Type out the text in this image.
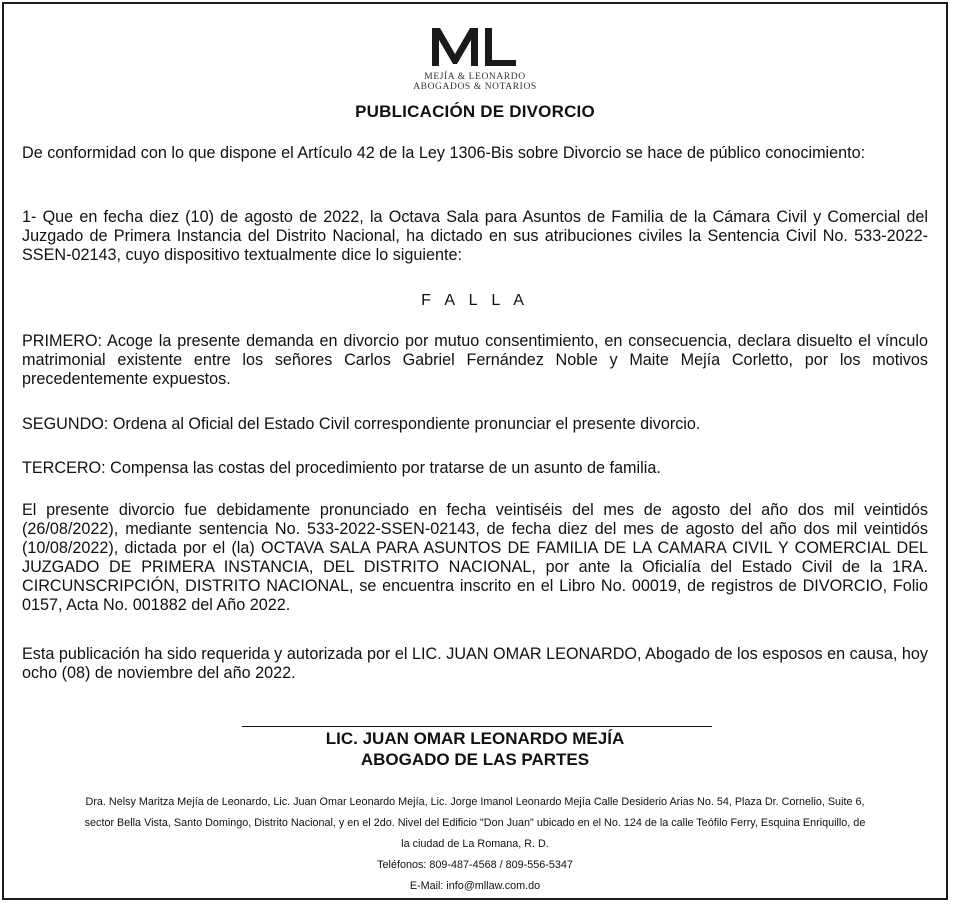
MEJÍA & LEONARDO
ABOGADOS & NOTARIOS
PUBLICACIÓN DE DIVORCIO

De conformidad con lo que dispone el Artículo 42 de la Ley 1306-Bis sobre Divorcio se hace de público conocimiento:

1- Que en fecha diez (10) de agosto de 2022, la Octava Sala para Asuntos de Familia de la Cámara Civil y Comercial del Juzgado de Primera Instancia del Distrito Nacional, ha dictado en sus atribuciones civiles la Sentencia Civil No. 533-2022-SSEN-02143, cuyo dispositivo textualmente dice lo siguiente:

F A L L A

PRIMERO: Acoge la presente demanda en divorcio por mutuo consentimiento, en consecuencia, declara disuelto el vínculo matrimonial existente entre los señores Carlos Gabriel Fernández Noble y Maite Mejía Corletto, por los motivos precedentemente expuestos.

SEGUNDO: Ordena al Oficial del Estado Civil correspondiente pronunciar el presente divorcio.

TERCERO: Compensa las costas del procedimiento por tratarse de un asunto de familia.

El presente divorcio fue debidamente pronunciado en fecha veintiséis del mes de agosto del año dos mil veintidós (26/08/2022), mediante sentencia No. 533-2022-SSEN-02143, de fecha diez del mes de agosto del año dos mil veintidós (10/08/2022), dictada por el (la) OCTAVA SALA PARA ASUNTOS DE FAMILIA DE LA CAMARA CIVIL Y COMERCIAL DEL JUZGADO DE PRIMERA INSTANCIA, DEL DISTRITO NACIONAL, por ante la Oficialía del Estado Civil de la 1RA. CIRCUNSCRIPCIÓN, DISTRITO NACIONAL, se encuentra inscrito en el Libro No. 00019, de registros de DIVORCIO, Folio 0157, Acta No. 001882 del Año 2022.

Esta publicación ha sido requerida y autorizada por el LIC. JUAN OMAR LEONARDO, Abogado de los esposos en causa, hoy ocho (08) de noviembre del año 2022.

LIC. JUAN OMAR LEONARDO MEJÍA
ABOGADO DE LAS PARTES
Dra. Nelsy Maritza Mejía de Leonardo, Lic. Juan Omar Leonardo Mejía, Lic. Jorge Imanol Leonardo Mejía Calle Desiderio Arias No. 54, Plaza Dr. Cornelio, Suite 6,
sector Bella Vista, Santo Domingo, Distrito Nacional, y en el 2do. Nivel del Edificio "Don Juan" ubicado en el No. 124 de la calle Teófilo Ferry, Esquina Enriquillo, de
la ciudad de La Romana, R. D.
Teléfonos: 809-487-4568 / 809-556-5347
E-Mail: info@mllaw.com.do
